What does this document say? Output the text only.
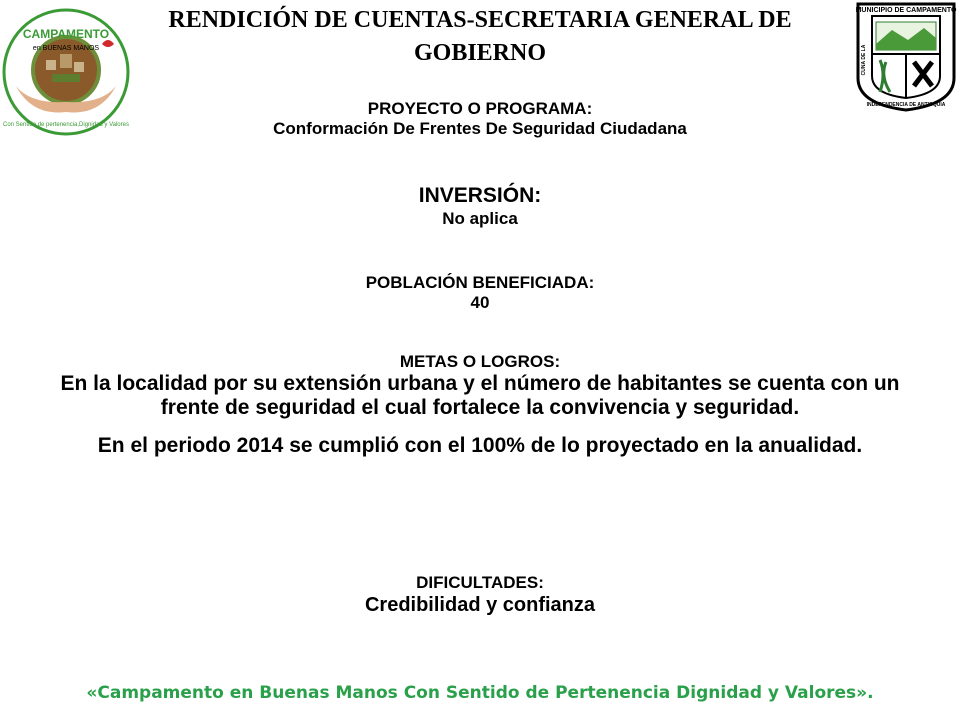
CAMPAMENTO
en BUENAS MANOS
Con Sentido de pertenencia,Dignidad y Valores
MUNICIPIO DE CAMPAMENTO
INDEPENDENCIA DE ANTIOQUIA
CUNA DE LA
RENDICIÓN DE CUENTAS-SECRETARIA GENERAL DE GOBIERNO
PROYECTO O PROGRAMA:
Conformación De Frentes De Seguridad Ciudadana
INVERSIÓN:
No aplica
POBLACIÓN BENEFICIADA:
40
METAS O LOGROS:
En la localidad por su extensión urbana y el número de habitantes se cuenta con un frente de seguridad el cual fortalece la convivencia y seguridad.
En el periodo 2014 se cumplió con el 100% de lo proyectado en la anualidad.
DIFICULTADES:
Credibilidad y confianza
«Campamento en Buenas Manos Con Sentido de Pertenencia Dignidad y Valores».
